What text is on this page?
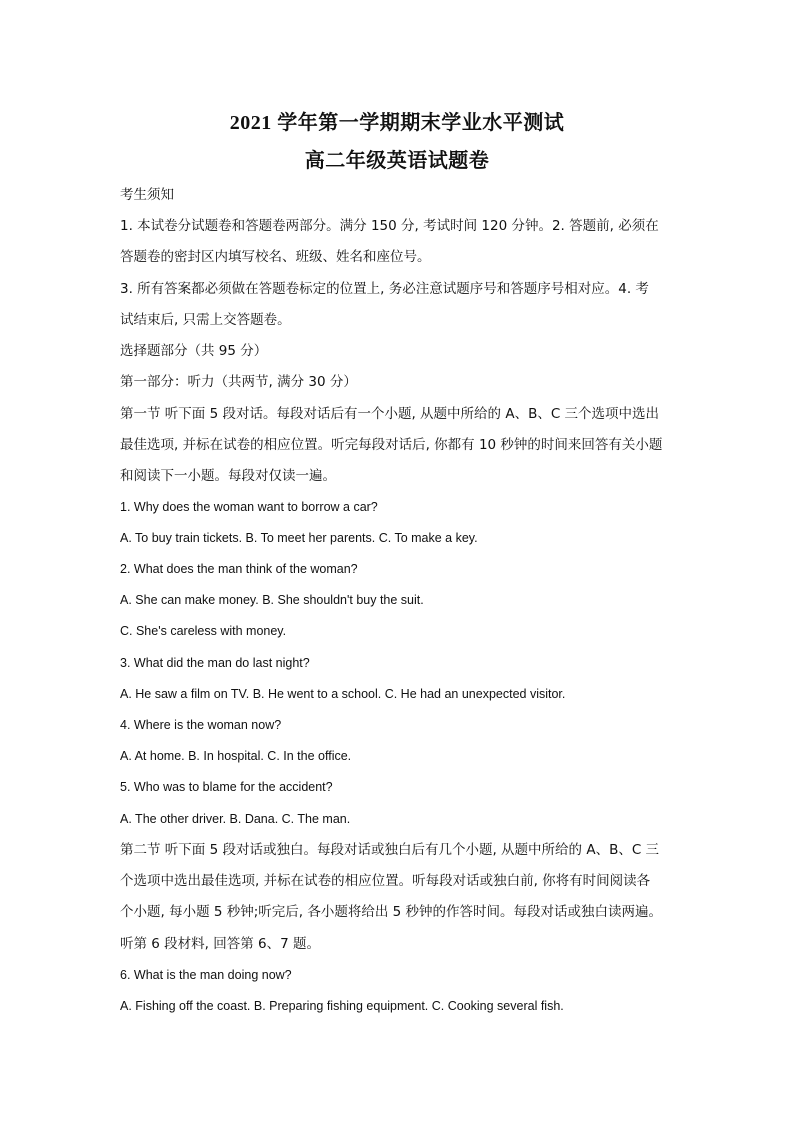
2021 学年第一学期期末学业水平测试
高二年级英语试题卷
考生须知
1. 本试卷分试题卷和答题卷两部分。满分 150 分, 考试时间 120 分钟。2. 答题前, 必须在
答题卷的密封区内填写校名、班级、姓名和座位号。
3. 所有答案都必须做在答题卷标定的位置上, 务必注意试题序号和答题序号相对应。4. 考
试结束后, 只需上交答题卷。
选择题部分（共 95 分）
第一部分：听力（共两节, 满分 30 分）
第一节 听下面 5 段对话。每段对话后有一个小题, 从题中所给的 A、B、C 三个选项中选出
最佳选项, 并标在试卷的相应位置。听完每段对话后, 你都有 10 秒钟的时间来回答有关小题
和阅读下一小题。每段对仅读一遍。
1. Why does the woman want to borrow a car?
A. To buy train tickets. B. To meet her parents. C. To make a key.
2. What does the man think of the woman?
A. She can make money. B. She shouldn't buy the suit.
C. She's careless with money.
3. What did the man do last night?
A. He saw a film on TV. B. He went to a school. C. He had an unexpected visitor.
4. Where is the woman now?
A. At home. B. In hospital. C. In the office.
5. Who was to blame for the accident?
A. The other driver. B. Dana. C. The man.
第二节 听下面 5 段对话或独白。每段对话或独白后有几个小题, 从题中所给的 A、B、C 三
个选项中选出最佳选项, 并标在试卷的相应位置。听每段对话或独白前, 你将有时间阅读各
个小题, 每小题 5 秒钟;听完后, 各小题将给出 5 秒钟的作答时间。每段对话或独白读两遍。
听第 6 段材料, 回答第 6、7 题。
6. What is the man doing now?
A. Fishing off the coast. B. Preparing fishing equipment. C. Cooking several fish.
